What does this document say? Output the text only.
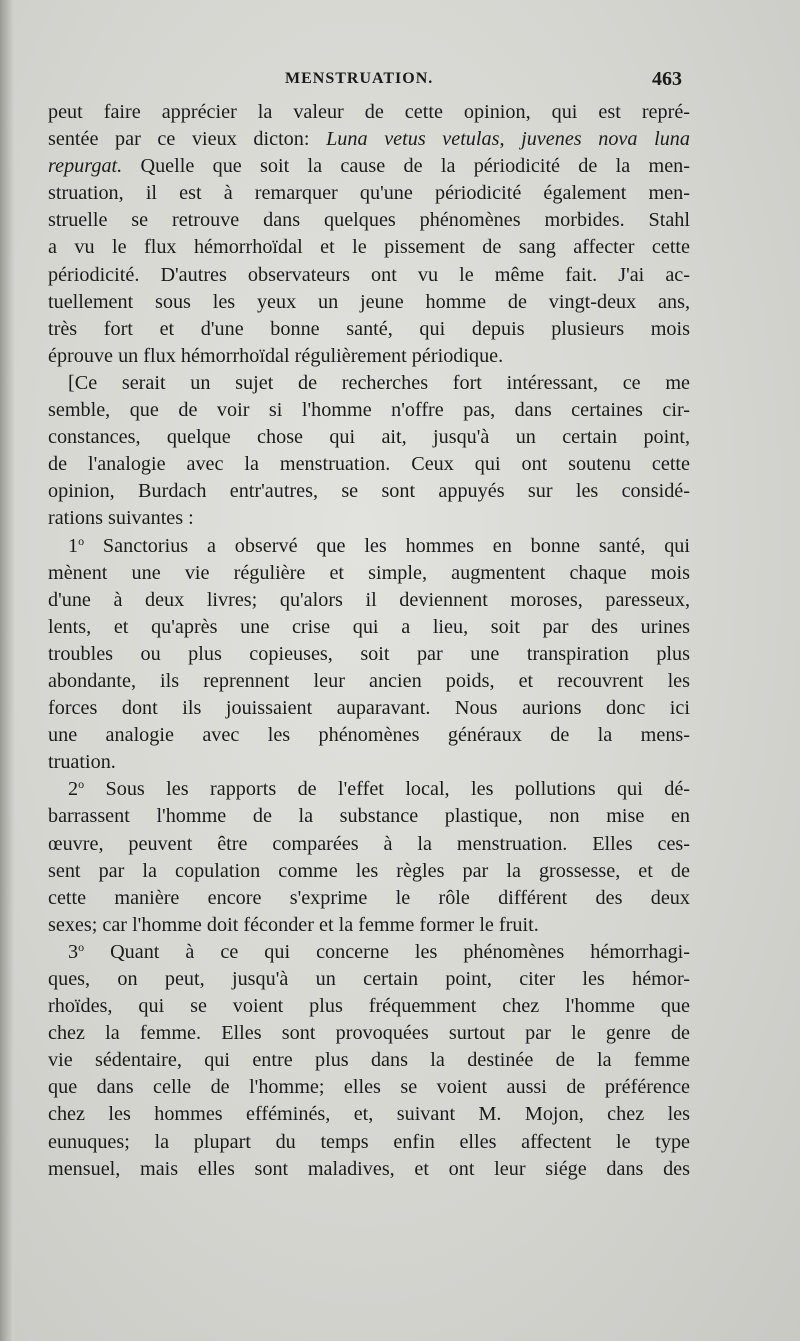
MENSTRUATION.	463

peut faire apprécier la valeur de cette opinion, qui est repré-
sentée par ce vieux dicton: Luna vetus vetulas, juvenes nova luna
repurgat. Quelle que soit la cause de la périodicité de la men-
struation, il est à remarquer qu'une périodicité également men-
struelle se retrouve dans quelques phénomènes morbides. Stahl
a vu le flux hémorrhoïdal et le pissement de sang affecter cette
périodicité. D'autres observateurs ont vu le même fait. J'ai ac-
tuellement sous les yeux un jeune homme de vingt-deux ans,
très fort et d'une bonne santé, qui depuis plusieurs mois
éprouve un flux hémorrhoïdal régulièrement périodique.

[Ce serait un sujet de recherches fort intéressant, ce me
semble, que de voir si l'homme n'offre pas, dans certaines cir-
constances, quelque chose qui ait, jusqu'à un certain point,
de l'analogie avec la menstruation. Ceux qui ont soutenu cette
opinion, Burdach entr'autres, se sont appuyés sur les considé-
rations suivantes :

1$^o$ Sanctorius a observé que les hommes en bonne santé, qui
mènent une vie régulière et simple, augmentent chaque mois
d'une à deux livres; qu'alors il deviennent moroses, paresseux,
lents, et qu'après une crise qui a lieu, soit par des urines
troubles ou plus copieuses, soit par une transpiration plus
abondante, ils reprennent leur ancien poids, et recouvrent les
forces dont ils jouissaient auparavant. Nous aurions donc ici
une analogie avec les phénomènes généraux de la mens-
truation.

2$^o$ Sous les rapports de l'effet local, les pollutions qui dé-
barrassent l'homme de la substance plastique, non mise en
œuvre, peuvent être comparées à la menstruation. Elles ces-
sent par la copulation comme les règles par la grossesse, et de
cette manière encore s'exprime le rôle différent des deux
sexes; car l'homme doit féconder et la femme former le fruit.

3$^o$ Quant à ce qui concerne les phénomènes hémorrhagi-
ques, on peut, jusqu'à un certain point, citer les hémor-
rhoïdes, qui se voient plus fréquemment chez l'homme que
chez la femme. Elles sont provoquées surtout par le genre de
vie sédentaire, qui entre plus dans la destinée de la femme
que dans celle de l'homme; elles se voient aussi de préférence
chez les hommes efféminés, et, suivant M. Mojon, chez les
eunuques; la plupart du temps enfin elles affectent le type
mensuel, mais elles sont maladives, et ont leur siége dans des
